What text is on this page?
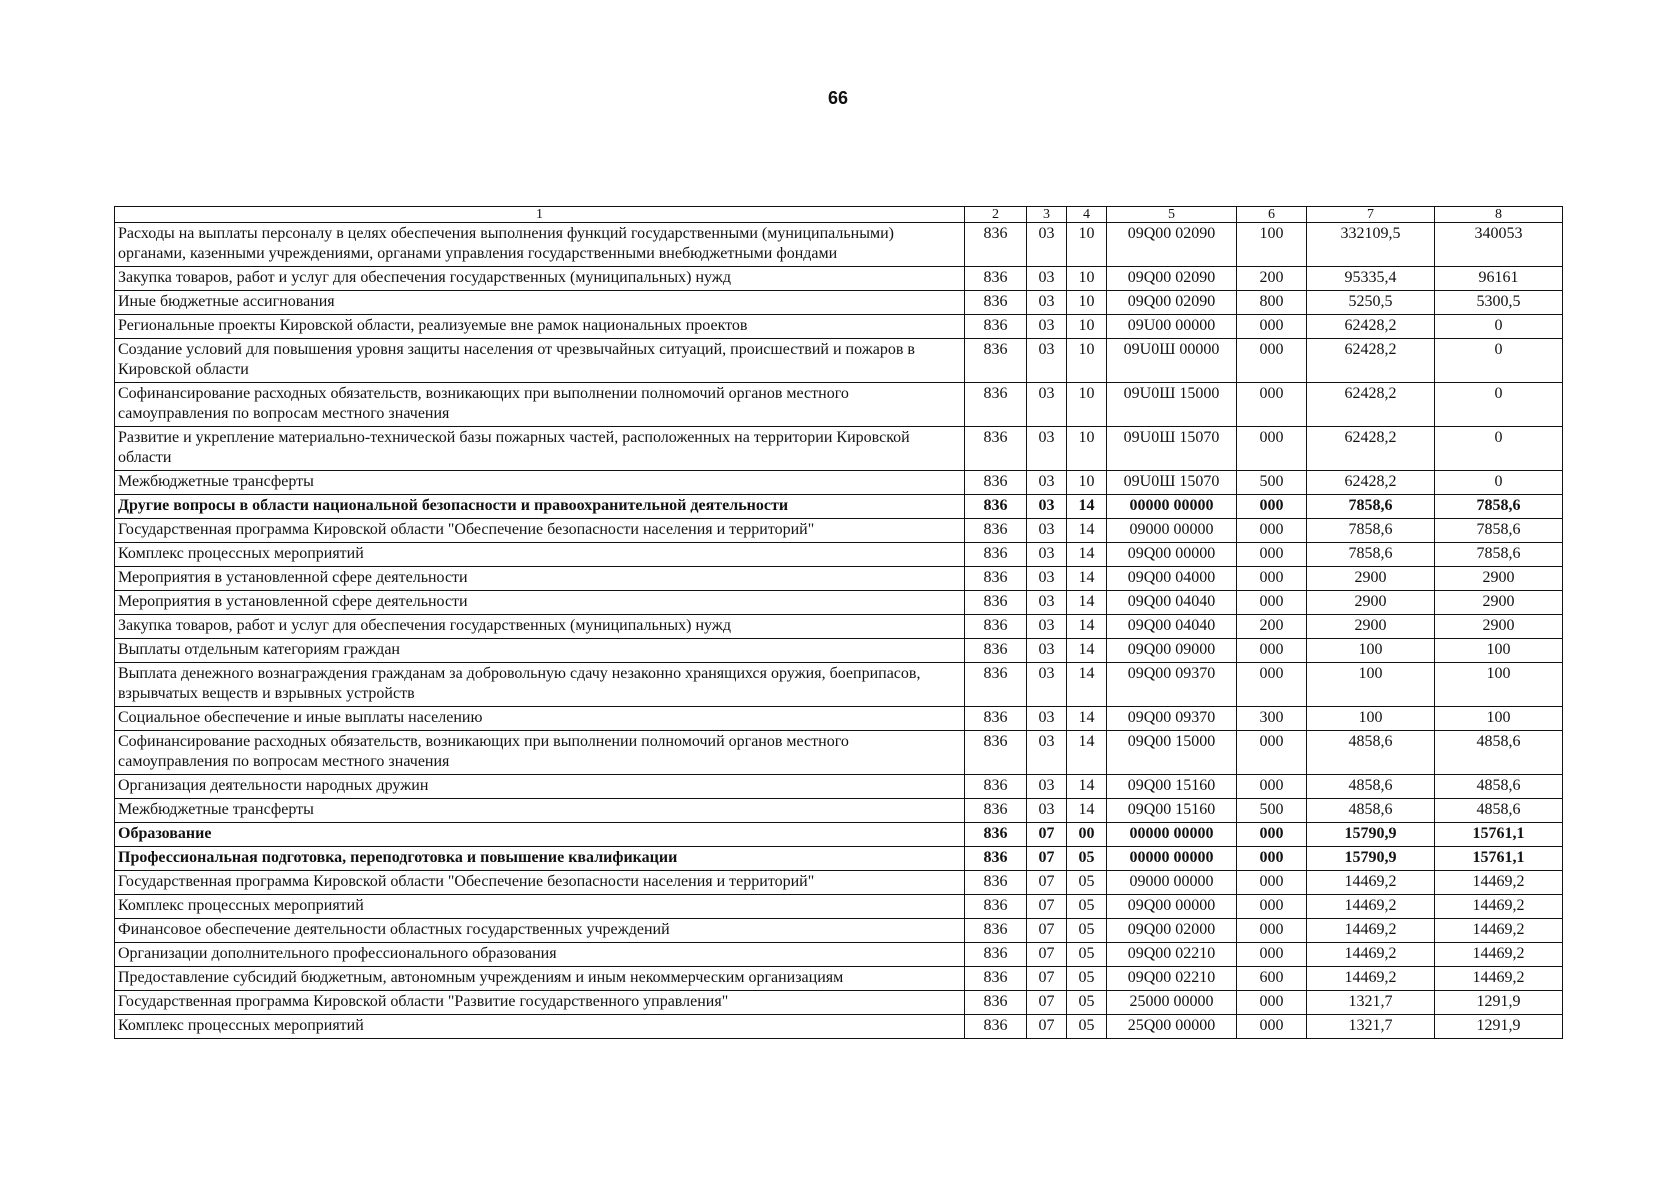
66
1	2	3	4	5	6	7	8
Расходы на выплаты персоналу в целях обеспечения выполнения функций государственными (муниципальными) органами, казенными учреждениями, органами управления государственными внебюджетными фондами	836	03	10	09Q00 02090	100	332109,5	340053
Закупка товаров, работ и услуг для обеспечения государственных (муниципальных) нужд	836	03	10	09Q00 02090	200	95335,4	96161
Иные бюджетные ассигнования	836	03	10	09Q00 02090	800	5250,5	5300,5
Региональные проекты Кировской области, реализуемые вне рамок национальных проектов	836	03	10	09U00 00000	000	62428,2	0
Создание условий для повышения уровня защиты населения от чрезвычайных ситуаций, происшествий и пожаров в Кировской области	836	03	10	09U0Ш 00000	000	62428,2	0
Софинансирование расходных обязательств, возникающих при выполнении полномочий органов местного самоуправления по вопросам местного значения	836	03	10	09U0Ш 15000	000	62428,2	0
Развитие и укрепление материально-технической базы пожарных частей, расположенных на территории Кировской области	836	03	10	09U0Ш 15070	000	62428,2	0
Межбюджетные трансферты	836	03	10	09U0Ш 15070	500	62428,2	0
Другие вопросы в области национальной безопасности и правоохранительной деятельности	836	03	14	00000 00000	000	7858,6	7858,6
Государственная программа Кировской области "Обеспечение безопасности населения и территорий"	836	03	14	09000 00000	000	7858,6	7858,6
Комплекс процессных мероприятий	836	03	14	09Q00 00000	000	7858,6	7858,6
Мероприятия в установленной сфере деятельности	836	03	14	09Q00 04000	000	2900	2900
Мероприятия в установленной сфере деятельности	836	03	14	09Q00 04040	000	2900	2900
Закупка товаров, работ и услуг для обеспечения государственных (муниципальных) нужд	836	03	14	09Q00 04040	200	2900	2900
Выплаты отдельным категориям граждан	836	03	14	09Q00 09000	000	100	100
Выплата денежного вознаграждения гражданам за добровольную сдачу незаконно хранящихся оружия, боеприпасов, взрывчатых веществ и взрывных устройств	836	03	14	09Q00 09370	000	100	100
Социальное обеспечение и иные выплаты населению	836	03	14	09Q00 09370	300	100	100
Софинансирование расходных обязательств, возникающих при выполнении полномочий органов местного самоуправления по вопросам местного значения	836	03	14	09Q00 15000	000	4858,6	4858,6
Организация деятельности народных дружин	836	03	14	09Q00 15160	000	4858,6	4858,6
Межбюджетные трансферты	836	03	14	09Q00 15160	500	4858,6	4858,6
Образование	836	07	00	00000 00000	000	15790,9	15761,1
Профессиональная подготовка, переподготовка и повышение квалификации	836	07	05	00000 00000	000	15790,9	15761,1
Государственная программа Кировской области "Обеспечение безопасности населения и территорий"	836	07	05	09000 00000	000	14469,2	14469,2
Комплекс процессных мероприятий	836	07	05	09Q00 00000	000	14469,2	14469,2
Финансовое обеспечение деятельности областных государственных учреждений	836	07	05	09Q00 02000	000	14469,2	14469,2
Организации дополнительного профессионального образования	836	07	05	09Q00 02210	000	14469,2	14469,2
Предоставление субсидий бюджетным, автономным учреждениям и иным некоммерческим организациям	836	07	05	09Q00 02210	600	14469,2	14469,2
Государственная программа Кировской области "Развитие государственного управления"	836	07	05	25000 00000	000	1321,7	1291,9
Комплекс процессных мероприятий	836	07	05	25Q00 00000	000	1321,7	1291,9
